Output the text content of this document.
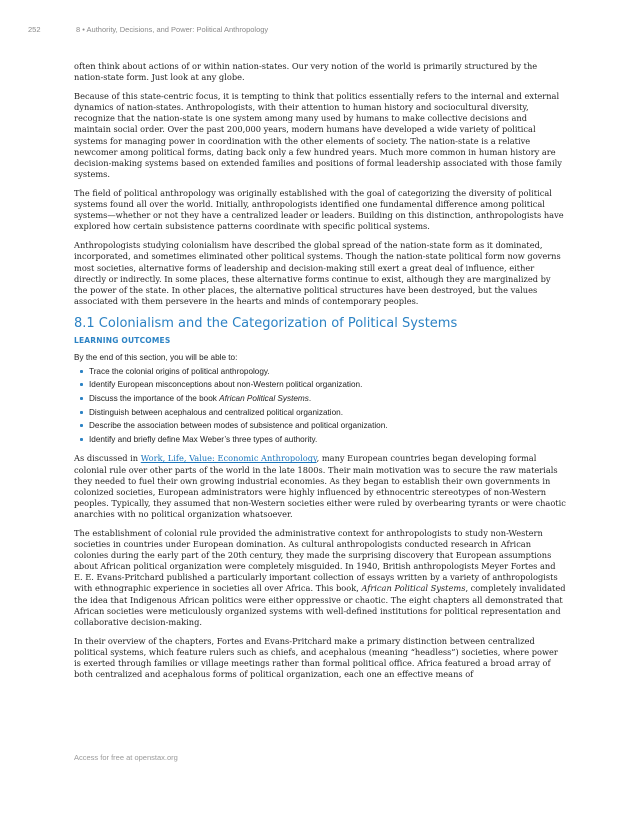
252	8 • Authority, Decisions, and Power: Political Anthropology

often think about actions of or within nation-states. Our very notion of the world is primarily structured by the nation-state form. Just look at any globe.

Because of this state-centric focus, it is tempting to think that politics essentially refers to the internal and external dynamics of nation-states. Anthropologists, with their attention to human history and sociocultural diversity, recognize that the nation-state is one system among many used by humans to make collective decisions and maintain social order. Over the past 200,000 years, modern humans have developed a wide variety of political systems for managing power in coordination with the other elements of society. The nation-state is a relative newcomer among political forms, dating back only a few hundred years. Much more common in human history are decision-making systems based on extended families and positions of formal leadership associated with those family systems.

The field of political anthropology was originally established with the goal of categorizing the diversity of political systems found all over the world. Initially, anthropologists identified one fundamental difference among political systems—whether or not they have a centralized leader or leaders. Building on this distinction, anthropologists have explored how certain subsistence patterns coordinate with specific political systems.

Anthropologists studying colonialism have described the global spread of the nation-state form as it dominated, incorporated, and sometimes eliminated other political systems. Though the nation-state political form now governs most societies, alternative forms of leadership and decision-making still exert a great deal of influence, either directly or indirectly. In some places, these alternative forms continue to exist, although they are marginalized by the power of the state. In other places, the alternative political structures have been destroyed, but the values associated with them persevere in the hearts and minds of contemporary peoples.

8.1 Colonialism and the Categorization of Political Systems
LEARNING OUTCOMES
By the end of this section, you will be able to:
Trace the colonial origins of political anthropology.
Identify European misconceptions about non-Western political organization.
Discuss the importance of the book African Political Systems.
Distinguish between acephalous and centralized political organization.
Describe the association between modes of subsistence and political organization.
Identify and briefly define Max Weber’s three types of authority.

As discussed in Work, Life, Value: Economic Anthropology, many European countries began developing formal colonial rule over other parts of the world in the late 1800s. Their main motivation was to secure the raw materials they needed to fuel their own growing industrial economies. As they began to establish their own governments in colonized societies, European administrators were highly influenced by ethnocentric stereotypes of non-Western peoples. Typically, they assumed that non-Western societies either were ruled by overbearing tyrants or were chaotic anarchies with no political organization whatsoever.

The establishment of colonial rule provided the administrative context for anthropologists to study non-Western societies in countries under European domination. As cultural anthropologists conducted research in African colonies during the early part of the 20th century, they made the surprising discovery that European assumptions about African political organization were completely misguided. In 1940, British anthropologists Meyer Fortes and E. E. Evans-Pritchard published a particularly important collection of essays written by a variety of anthropologists with ethnographic experience in societies all over Africa. This book, African Political Systems, completely invalidated the idea that Indigenous African politics were either oppressive or chaotic. The eight chapters all demonstrated that African societies were meticulously organized systems with well-defined institutions for political representation and collaborative decision-making.

In their overview of the chapters, Fortes and Evans-Pritchard make a primary distinction between centralized political systems, which feature rulers such as chiefs, and acephalous (meaning “headless”) societies, where power is exerted through families or village meetings rather than formal political office. Africa featured a broad array of both centralized and acephalous forms of political organization, each one an effective means of

Access for free at openstax.org
